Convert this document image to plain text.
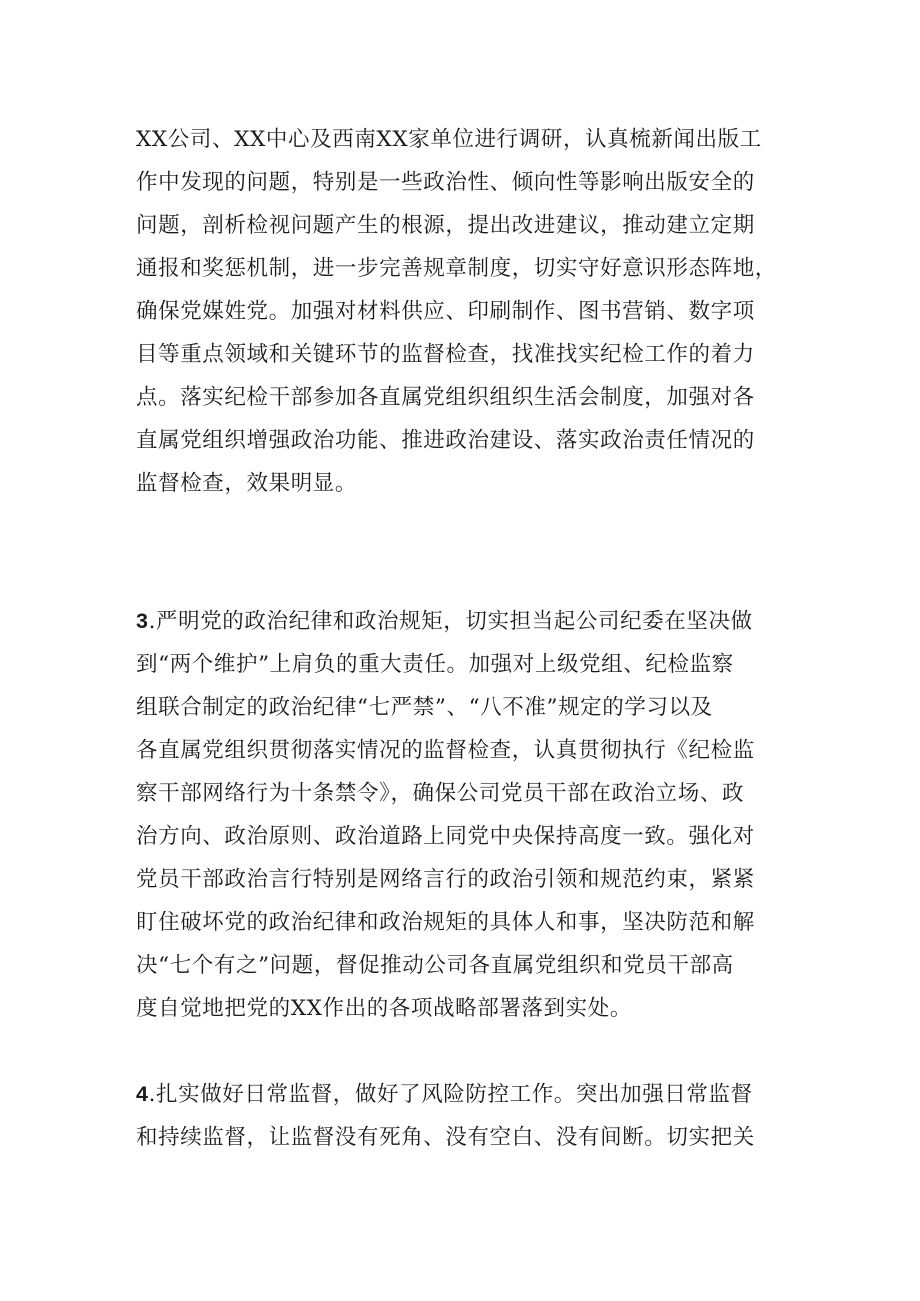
XX公司、XX中心及西南XX家单位进行调研，认真梳新闻出版工
作中发现的问题，特别是一些政治性、倾向性等影响出版安全的
问题，剖析检视问题产生的根源，提出改进建议，推动建立定期
通报和奖惩机制，进一步完善规章制度，切实守好意识形态阵地，
确保党媒姓党。加强对材料供应、印刷制作、图书营销、数字项
目等重点领域和关键环节的监督检查，找准找实纪检工作的着力
点。落实纪检干部参加各直属党组织组织生活会制度，加强对各
直属党组织增强政治功能、推进政治建设、落实政治责任情况的
监督检查，效果明显。
3.严明党的政治纪律和政治规矩，切实担当起公司纪委在坚决做
到“两个维护”上肩负的重大责任。加强对上级党组、纪检监察
组联合制定的政治纪律“七严禁”、“八不准”规定的学习以及
各直属党组织贯彻落实情况的监督检查，认真贯彻执行《纪检监
察干部网络行为十条禁令》，确保公司党员干部在政治立场、政
治方向、政治原则、政治道路上同党中央保持高度一致。强化对
党员干部政治言行特别是网络言行的政治引领和规范约束，紧紧
盯住破坏党的政治纪律和政治规矩的具体人和事，坚决防范和解
决“七个有之”问题，督促推动公司各直属党组织和党员干部高
度自觉地把党的XX作出的各项战略部署落到实处。
4.扎实做好日常监督，做好了风险防控工作。突出加强日常监督
和持续监督，让监督没有死角、没有空白、没有间断。切实把关
